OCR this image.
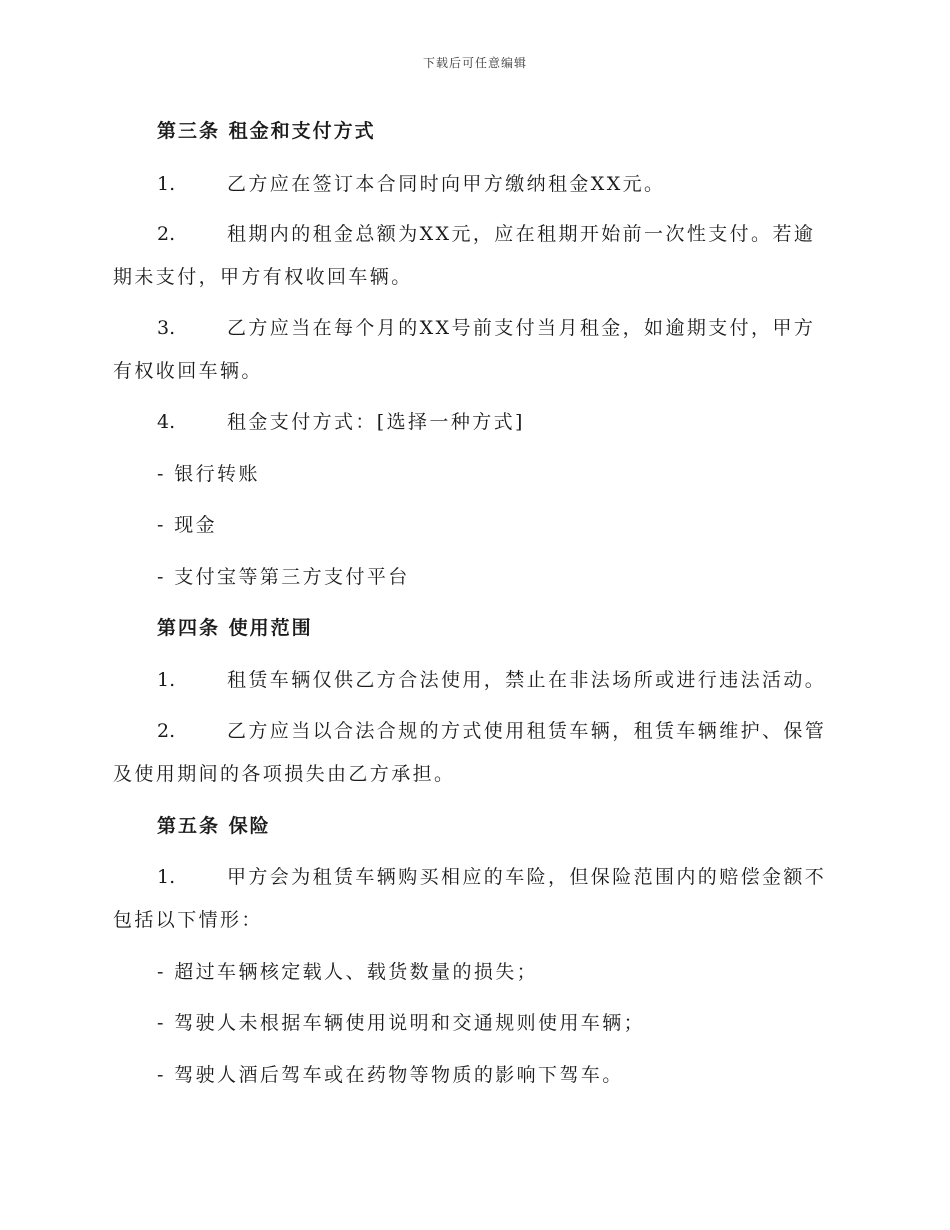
下载后可任意编辑
第三条 租金和支付方式
1.	乙方应在签订本合同时向甲方缴纳租金XX元。
2.	租期内的租金总额为XX元，应在租期开始前一次性支付。若逾
期未支付，甲方有权收回车辆。
3.	乙方应当在每个月的XX号前支付当月租金，如逾期支付，甲方
有权收回车辆。
4.	租金支付方式：[选择一种方式]
- 银行转账
- 现金
- 支付宝等第三方支付平台
第四条 使用范围
1.	租赁车辆仅供乙方合法使用，禁止在非法场所或进行违法活动。
2.	乙方应当以合法合规的方式使用租赁车辆，租赁车辆维护、保管
及使用期间的各项损失由乙方承担。
第五条 保险
1.	甲方会为租赁车辆购买相应的车险，但保险范围内的赔偿金额不
包括以下情形：
- 超过车辆核定载人、载货数量的损失；
- 驾驶人未根据车辆使用说明和交通规则使用车辆；
- 驾驶人酒后驾车或在药物等物质的影响下驾车。
